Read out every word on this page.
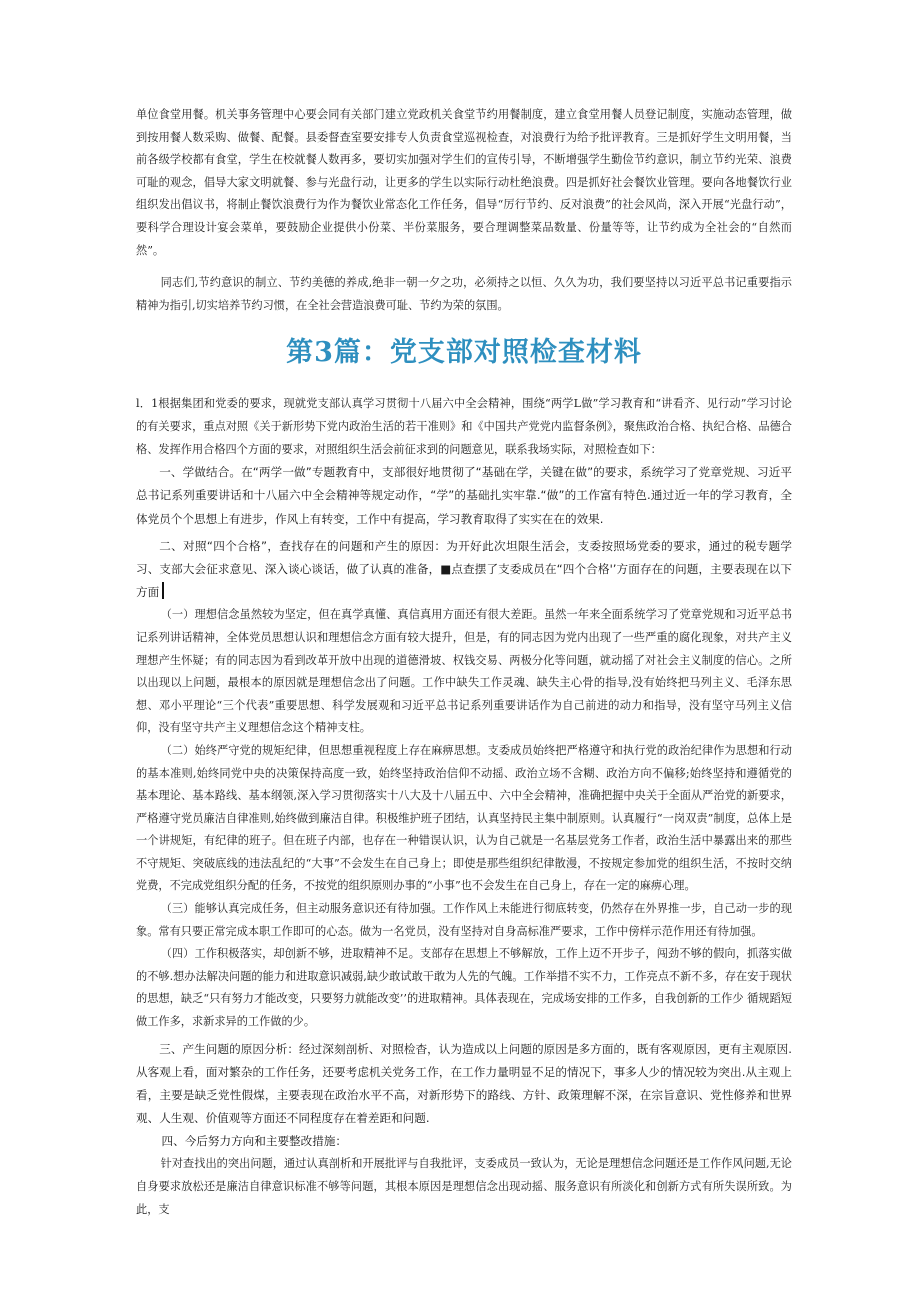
单位食堂用餐。机关事务管理中心要会同有关部门建立党政机关食堂节约用餐制度，建立食堂用餐人员登记制度，实施动态管理，做到按用餐人数采购、做餐、配餐。县委督查室要安排专人负责食堂巡视检查，对浪费行为给予批评教育。三是抓好学生文明用餐，当前各级学校都有食堂，学生在校就餐人数再多，要切实加强对学生们的宣传引导，不断增强学生勤俭节约意识，制立节约光荣、浪费可耻的观念，倡导大家文明就餐、参与光盘行动，让更多的学生以实际行动杜绝浪费。四是抓好社会餐饮业管理。要向各地餐饮行业组织发出倡议书，将制止餐饮浪费行为作为餐饮业常态化工作任务，倡导“厉行节约、反对浪费”的社会风尚，深入开展“光盘行动”，要科学合理设计宴会菜单，要鼓励企业提供小份菜、半份菜服务，要合理调整菜品数量、份量等等，让节约成为全社会的“自然而然”。

同志们,节约意识的制立、节约美德的养成,绝非一朝一夕之功，必须持之以恒、久久为功，我们要坚持以习近平总书记重要指示精神为指引,切实培养节约习惯，在全社会营造浪费可耻、节约为荣的氛围。

第3篇：党支部对照检查材料

l．1根据集团和党委的要求，现就党支部认真学习贯彻十八届六中全会精神，围绕“两学L做”学习教育和“讲看齐、见行动”学习讨论的有关要求，重点对照《关于新形势下党内政治生活的若干准则》和《中国共产党党内监督条例》，聚焦政治合格、执纪合格、品德合格、发挥作用合格四个方面的要求，对照组织生活会前征求到的问题意见，联系我场实际，对照检查如下：

一、学做结合。在“两学一做”专题教育中，支部很好地贯彻了“基础在学，关键在做”的要求，系统学习了党章党规、习近平总书记系列重要讲话和十八届六中全会精神等规定动作，“学”的基础扎实牢靠.“做”的工作富有特色.通过近一年的学习教育，全体党员个个思想上有进步，作风上有转变，工作中有提高，学习教育取得了实实在在的效果.

二、对照“四个合格”，查找存在的问题和产生的原因：为开好此次坦限生活会，支委按照场党委的要求，通过的税专题学习、支部大会征求意见、深入谈心谈话，做了认真的准备，■点查摆了支委成员在“四个合格'’方面存在的问题，主要表现在以下方面

（一）理想信念虽然较为坚定，但在真学真懂、真信真用方面还有很大差距。虽然一年来全面系统学习了党章党规和习近平总书记系列讲话精神，全体党员思想认识和理想信念方面有较大提升，但是，有的同志因为党内出现了一些严重的腐化现象，对共产主义理想产生怀疑；有的同志因为看到改革开放中出现的道德滑坡、权钱交易、两极分化等问题，就动摇了对社会主义制度的信心。之所以出现以上问题，最根本的原因就是理想信念出了问题。工作中缺失工作灵魂、缺失主心骨的指导,没有始终把马列主义、毛泽东思想、邓小平理论“三个代表”重要思想、科学发展观和习近平总书记系列重要讲话作为自己前进的动力和指导，没有坚守马列主义信仰，没有坚守共产主义理想信念这个精神支柱。

（二）始终严守党的规矩纪律，但思想重视程度上存在麻痹思想。支委成员始终把严格遵守和执行党的政治纪律作为思想和行动的基本准则,始终同党中央的决策保持高度一致，始终坚持政治信仰不动摇、政治立场不含糊、政治方向不偏移;始终坚持和遵循党的基本理论、基本路线、基本纲领,深入学习贯彻落实十八大及十八届五中、六中全会精神，准确把握中央关于全面从严治党的新要求，严格遵守党员廉洁自律准则,始终做到廉洁自律。积极维护班子团结，认真坚持民主集中制原则。认真履行“一岗双责”制度，总体上是一个讲规矩，有纪律的班子。但在班子内部，也存在一种错误认识，认为自己就是一名基层党务工作者，政治生活中暴露出来的那些不守规矩、突破底线的违法乱纪的“大事”不会发生在自己身上；即使是那些组织纪律散漫，不按规定参加党的组织生活，不按时交纳党费，不完成党组织分配的任务，不按党的组织原则办事的“小事”也不会发生在自己身上，存在一定的麻痹心理。

（三）能够认真完成任务，但主动服务意识还有待加强。工作作风上未能进行彻底转变，仍然存在外界推一步，自己动一步的现象。常有只要正常完成本职工作即可的心态。做为一名党员，没有坚持对自身高标准严要求，工作中傍样示范作用还有待加强。

（四）工作积极落实，却创新不够，进取精神不足。支部存在思想上不够解放，工作上迈不开步子，闯劲不够的假向，抓落实做的不够.想办法解决问题的能力和进取意识减弱,缺少敢试敢干敢为人先的气魄。工作举措不实不力，工作亮点不新不多，存在安于现状的思想，缺乏“只有努力才能改变，只要努力就能改变’’的进取精神。具体表现在，完成场安排的工作多，自我创新的工作少 循规蹈短做工作多，求新求异的工作做的少。

三、产生问题的原因分析：经过深刻剖析、对照检杳，认为造成以上问题的原因是多方面的，既有客观原因，更有主观原因.从客观上看，面对繁杂的工作任务，还要考虑机关党务工作，在工作力量明显不足的情况下，事多人少的情况较为突出.从主观上看，主要是缺乏党性假煤，主要表现在政治水平不高，对新形势下的路线、方针、政策理解不深，在宗旨意识、党性修养和世界观、人生观、价值观等方面还不同程度存在着差距和问题.

四、今后努力方向和主要整改措施：

针对查找出的突出问题，通过认真剖析和开展批评与自我批评，支委成员一致认为，无论是理想信念问题还是工作作风问题,无论自身要求放松还是廉洁自律意识标准不够等问题，其根本原因是理想信念出现动摇、服务意识有所淡化和创新方式有所失误所致。为此，支
